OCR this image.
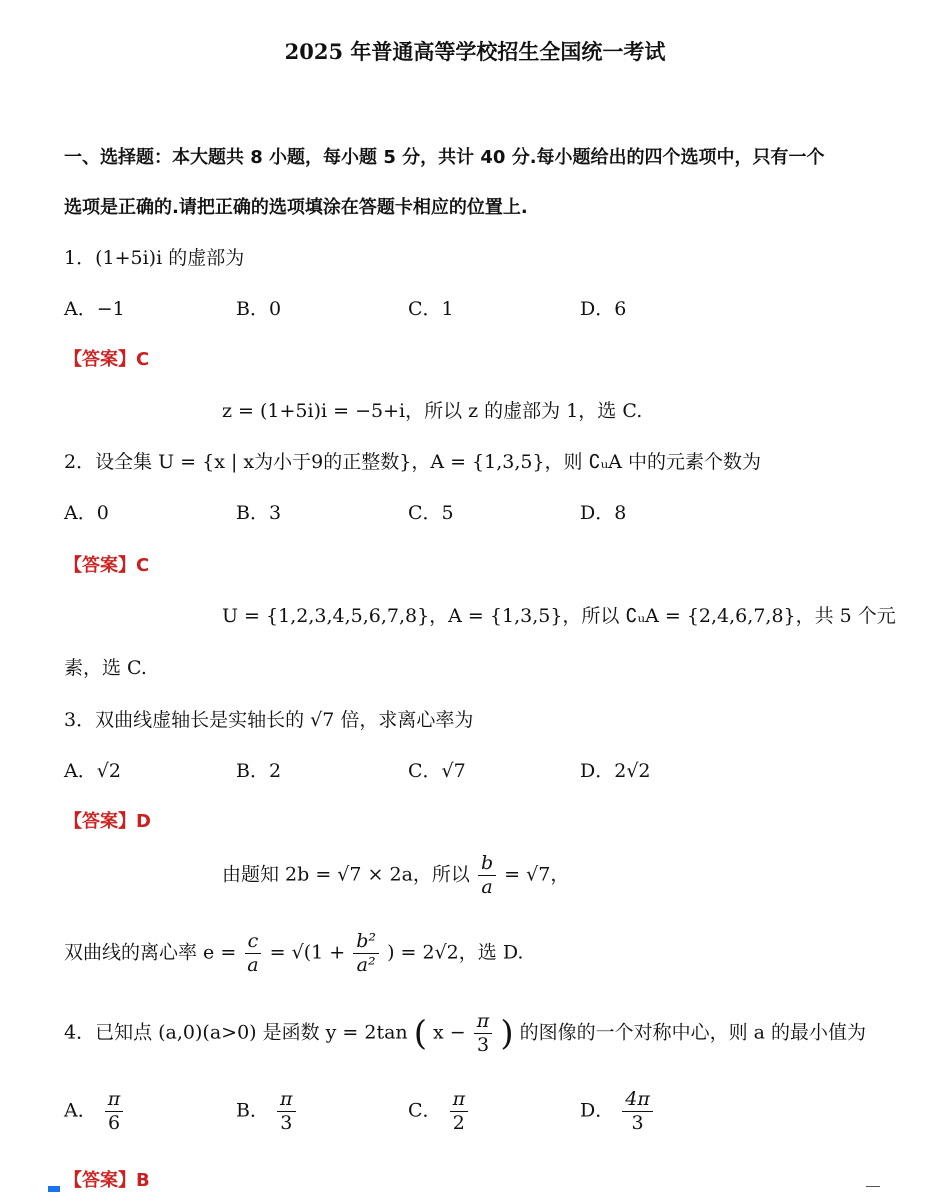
2025 年普通高等学校招生全国统一考试
一、选择题：本大题共 8 小题，每小题 5 分，共计 40 分.每小题给出的四个选项中，只有一个
选项是正确的.请把正确的选项填涂在答题卡相应的位置上.
1．(1+5i)i 的虚部为
A．−1	B．0	C．1	D．6
【答案】C
z = (1+5i)i = −5+i，所以 z 的虚部为 1，选 C.
2．设全集 U = {x | x为小于9的正整数}，A = {1,3,5}，则 ∁ᵤA 中的元素个数为
A．0	B．3	C．5	D．8
【答案】C
U = {1,2,3,4,5,6,7,8}，A = {1,3,5}，所以 ∁ᵤA = {2,4,6,7,8}，共 5 个元
素，选 C.
3．双曲线虚轴长是实轴长的 √7 倍，求离心率为
A．√2	B．2	C．√7	D．2√2
【答案】D
由题知 2b = √7 × 2a，所以 $\frac{b}{a} = √7$，
双曲线的离心率 $e = \frac{c}{a} = √(1 + \frac{\text{b²}}{\text{a²}}$ ) = 2√2，选 D.
4．已知点 (a,0)(a>0) 是函数 y = 2tan ( $x - \frac{\pi}{3}$ ) 的图像的一个对称中心，则 a 的最小值为
A． $\frac{\pi}{6}$	B． $\frac{\pi}{3}$	C． $\frac{\pi}{2}$	D． $\frac{4\pi}{3}$
【答案】B
